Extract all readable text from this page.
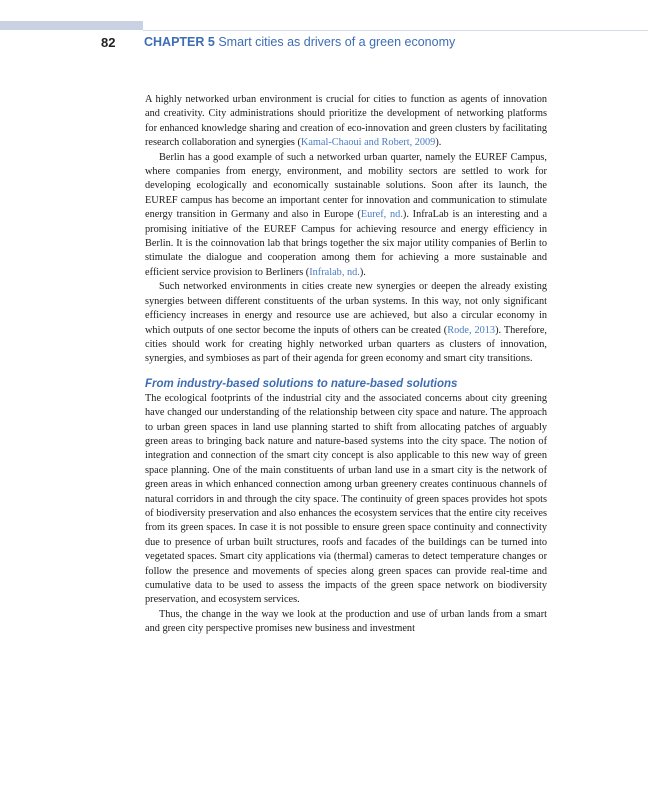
82 CHAPTER 5 Smart cities as drivers of a green economy

A highly networked urban environment is crucial for cities to function as agents of innovation and creativity. City administrations should prioritize the development of networking platforms for enhanced knowledge sharing and creation of eco-innovation and green clusters by facilitating research collaboration and synergies (Kamal-Chaoui and Robert, 2009).

Berlin has a good example of such a networked urban quarter, namely the EUREF Campus, where companies from energy, environment, and mobility sectors are settled to work for developing ecologically and economically sustainable solutions. Soon after its launch, the EUREF campus has become an important center for innovation and communication to stimulate energy transition in Germany and also in Europe (Euref, nd.). InfraLab is an interesting and a promising initiative of the EUREF Campus for achieving resource and energy efficiency in Berlin. It is the coinnovation lab that brings together the six major utility companies of Berlin to stimulate the dialogue and cooperation among them for achieving a more sustainable and efficient service provision to Berliners (Infralab, nd.).

Such networked environments in cities create new synergies or deepen the already existing synergies between different constituents of the urban systems. In this way, not only significant efficiency increases in energy and resource use are achieved, but also a circular economy in which outputs of one sector become the inputs of others can be created (Rode, 2013). Therefore, cities should work for creating highly networked urban quarters as clusters of innovation, synergies, and symbioses as part of their agenda for green economy and smart city transitions.

From industry-based solutions to nature-based solutions

The ecological footprints of the industrial city and the associated concerns about city greening have changed our understanding of the relationship between city space and nature. The approach to urban green spaces in land use planning started to shift from allocating patches of arguably green areas to bringing back nature and nature-based systems into the city space. The notion of integration and connection of the smart city concept is also applicable to this new way of green space planning. One of the main constituents of urban land use in a smart city is the network of green areas in which enhanced connection among urban greenery creates continuous channels of natural corridors in and through the city space. The continuity of green spaces provides hot spots of biodiversity preservation and also enhances the ecosystem services that the entire city receives from its green spaces. In case it is not possible to ensure green space continuity and connectivity due to presence of urban built structures, roofs and facades of the buildings can be turned into vegetated spaces. Smart city applications via (thermal) cameras to detect temperature changes or follow the presence and movements of species along green spaces can provide real-time and cumulative data to be used to assess the impacts of the green space network on biodiversity preservation, and ecosystem services.

Thus, the change in the way we look at the production and use of urban lands from a smart and green city perspective promises new business and investment
